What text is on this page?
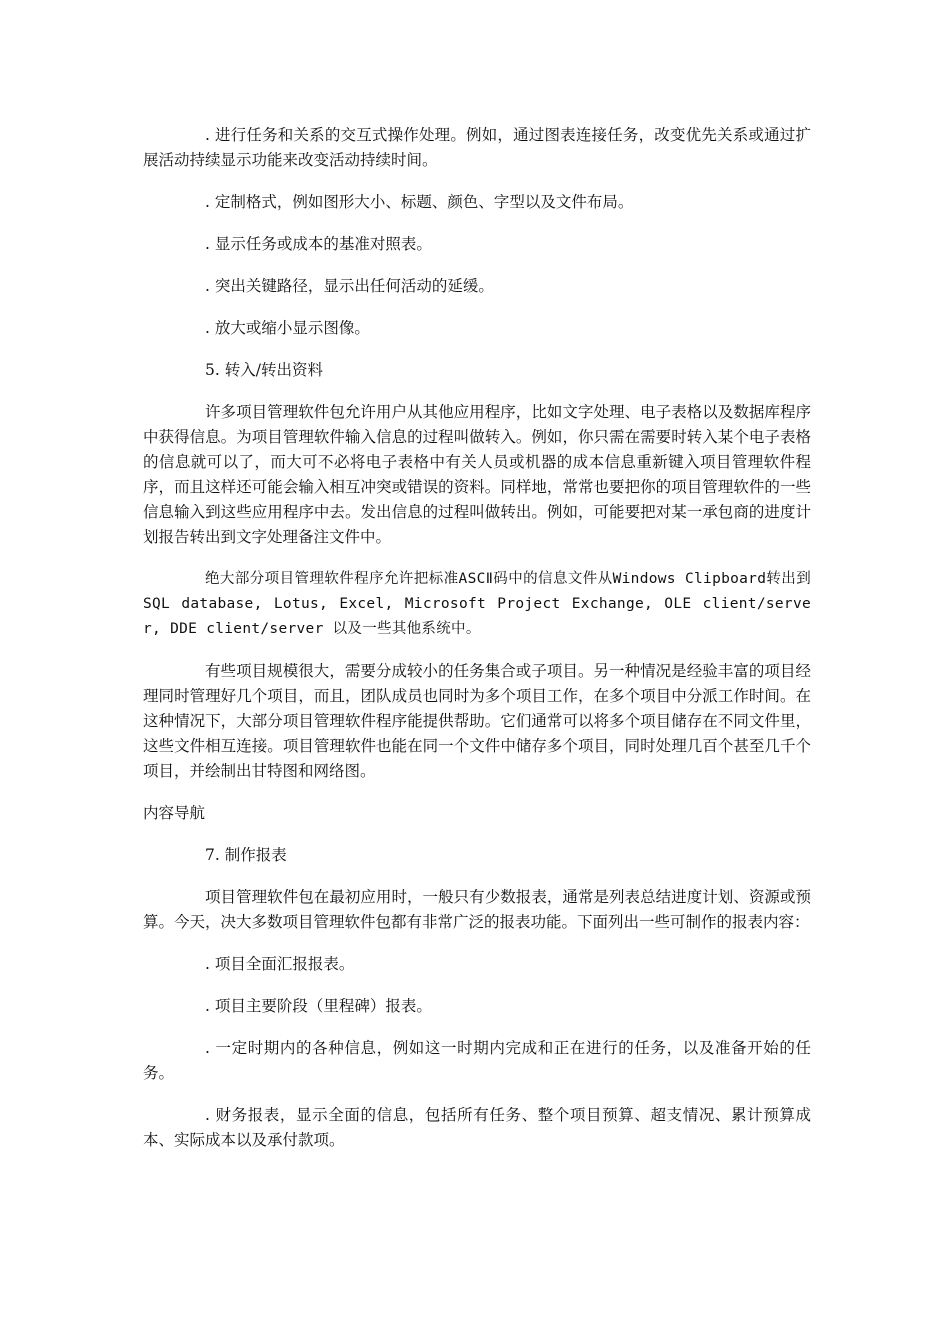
. 进行任务和关系的交互式操作处理。例如，通过图表连接任务，改变优先关系或通过扩展活动持续显示功能来改变活动持续时间。

. 定制格式，例如图形大小、标题、颜色、字型以及文件布局。

. 显示任务或成本的基准对照表。

. 突出关键路径，显示出任何活动的延缓。

. 放大或缩小显示图像。

5. 转入/转出资料

许多项目管理软件包允许用户从其他应用程序，比如文字处理、电子表格以及数据库程序中获得信息。为项目管理软件输入信息的过程叫做转入。例如，你只需在需要时转入某个电子表格的信息就可以了，而大可不必将电子表格中有关人员或机器的成本信息重新键入项目管理软件程序，而且这样还可能会输入相互冲突或错误的资料。同样地，常常也要把你的项目管理软件的一些信息输入到这些应用程序中去。发出信息的过程叫做转出。例如，可能要把对某一承包商的进度计划报告转出到文字处理备注文件中。

绝大部分项目管理软件程序允许把标准ASCⅡ码中的信息文件从Windows Clipboard转出到SQL database, Lotus, Excel, Microsoft Project Exchange, OLE client/server, DDE client/server 以及一些其他系统中。

有些项目规模很大，需要分成较小的任务集合或子项目。另一种情况是经验丰富的项目经理同时管理好几个项目，而且，团队成员也同时为多个项目工作，在多个项目中分派工作时间。在这种情况下，大部分项目管理软件程序能提供帮助。它们通常可以将多个项目储存在不同文件里，这些文件相互连接。项目管理软件也能在同一个文件中储存多个项目，同时处理几百个甚至几千个项目，并绘制出甘特图和网络图。

内容导航

7. 制作报表

项目管理软件包在最初应用时，一般只有少数报表，通常是列表总结进度计划、资源或预算。今天，决大多数项目管理软件包都有非常广泛的报表功能。下面列出一些可制作的报表内容：

. 项目全面汇报报表。

. 项目主要阶段（里程碑）报表。

. 一定时期内的各种信息，例如这一时期内完成和正在进行的任务，以及准备开始的任务。

. 财务报表，显示全面的信息，包括所有任务、整个项目预算、超支情况、累计预算成本、实际成本以及承付款项。
